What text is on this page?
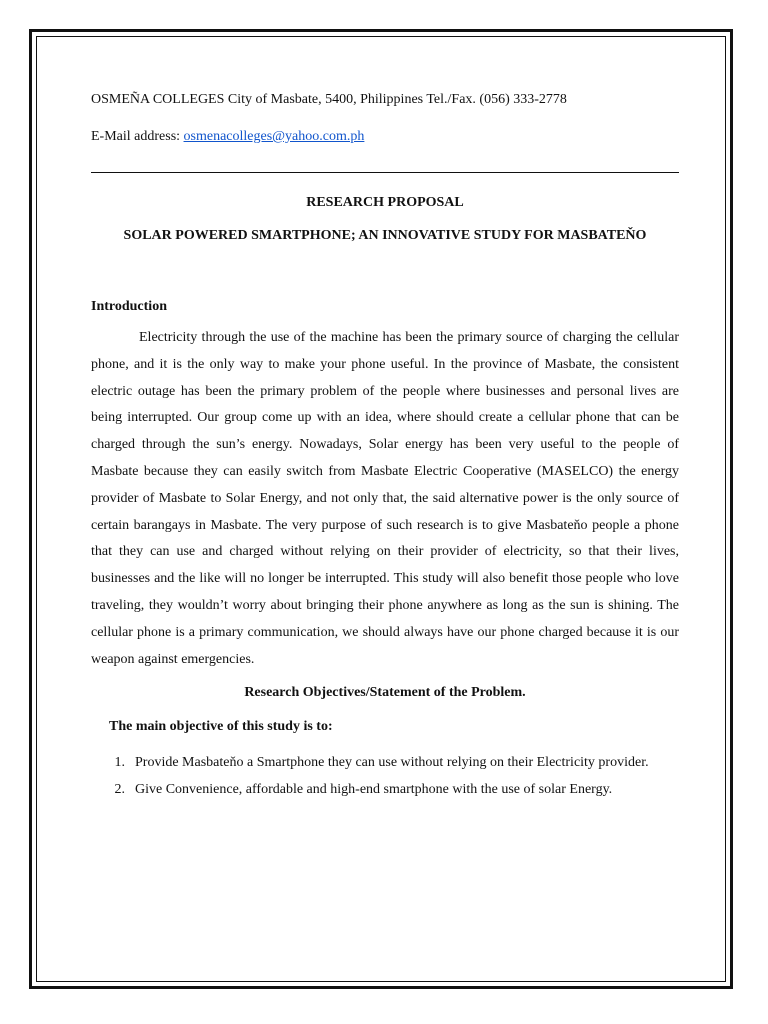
OSMEÑA COLLEGES City of Masbate, 5400, Philippines Tel./Fax. (056) 333-2778

E-Mail address: osmenacolleges@yahoo.com.ph

RESEARCH PROPOSAL
SOLAR POWERED SMARTPHONE; AN INNOVATIVE STUDY FOR MASBATEŇO
Introduction
Electricity through the use of the machine has been the primary source of charging the cellular phone, and it is the only way to make your phone useful. In the province of Masbate, the consistent electric outage has been the primary problem of the people where businesses and personal lives are being interrupted. Our group come up with an idea, where should create a cellular phone that can be charged through the sun’s energy. Nowadays, Solar energy has been very useful to the people of Masbate because they can easily switch from Masbate Electric Cooperative (MASELCO) the energy provider of Masbate to Solar Energy, and not only that, the said alternative power is the only source of certain barangays in Masbate. The very purpose of such research is to give Masbateňo people a phone that they can use and charged without relying on their provider of electricity, so that their lives, businesses and the like will no longer be interrupted. This study will also benefit those people who love traveling, they wouldn’t worry about bringing their phone anywhere as long as the sun is shining. The cellular phone is a primary communication, we should always have our phone charged because it is our weapon against emergencies.
Research Objectives/Statement of the Problem.
The main objective of this study is to:
1. Provide Masbateňo a Smartphone they can use without relying on their Electricity provider.
2. Give Convenience, affordable and high-end smartphone with the use of solar Energy.
